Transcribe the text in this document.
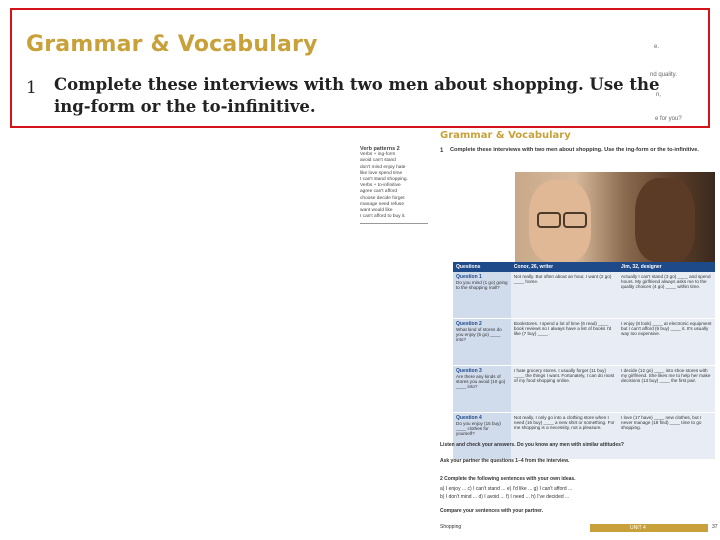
Grammar & Vocabulary
1 Complete these interviews with two men about shopping. Use the ing-form or the to-infinitive.
e.
nd quality.
n,
e for you?
Grammar & Vocabulary
1 Complete these interviews with two men about shopping. Use the ing-form or the to-infinitive.
Verb patterns 2
Verbs + ing-form
avoid can't stand
don't mind enjoy hate
like love spend time
I can't stand shopping.
Verbs + to-infinitive
agree can't afford
choose decide forget
manage need refuse
want would like
I can't afford to buy it.
Questions	Conor, 26, writer	Jim, 32, designer

Question 1
Do you mind (1 go) going to the shopping mall?	Not really. But often about an hour, I want (2 go) ____ home.	Actually I can't stand (3 go) ____ and spend hours. My girlfriend always asks me to the quality choices (4 go) ____ within time.

Question 2
What kind of stores do you enjoy (5 go) ____ into?	Bookstores. I spend a lot of time (6 read) ____ book reviews so I always have a list of books I'd like (7 buy) ____ .	I enjoy (8 look) ____ at electronic equipment but I can't afford (9 buy) ____ it. It's usually way too expensive.

Question 3
Are there any kinds of stores you avoid (10 go) ____ into?	I hate grocery stores. I usually forget (11 buy) ____ the things I want. Fortunately, I can do most of my food shopping online.	I decide (12 go) ____ into shoe stores with my girlfriend. She likes me to help her make decisions (13 buy) ____ the first pair.

Question 4
Do you enjoy (15 buy) ____ clothes for yourself?	Not really. I only go into a clothing store when I need (16 buy) ____ a new shirt or something. For me shopping is a necessity, not a pleasure.	I love (17 have) ____ new clothes, but I never manage (18 find) ____ time to go shopping.
Listen and check your answers. Do you know any men with similar attitudes?
Ask your partner the questions 1–4 from the interview.
2 Complete the following sentences with your own ideas.
a) I enjoy ... c) I can't stand ... e) I'd like ... g) I can't afford ...
b) I don't mind ... d) I avoid ... f) I need ... h) I've decided ...
Compare your sentences with your partner.
Shopping	UNIT 4	37
